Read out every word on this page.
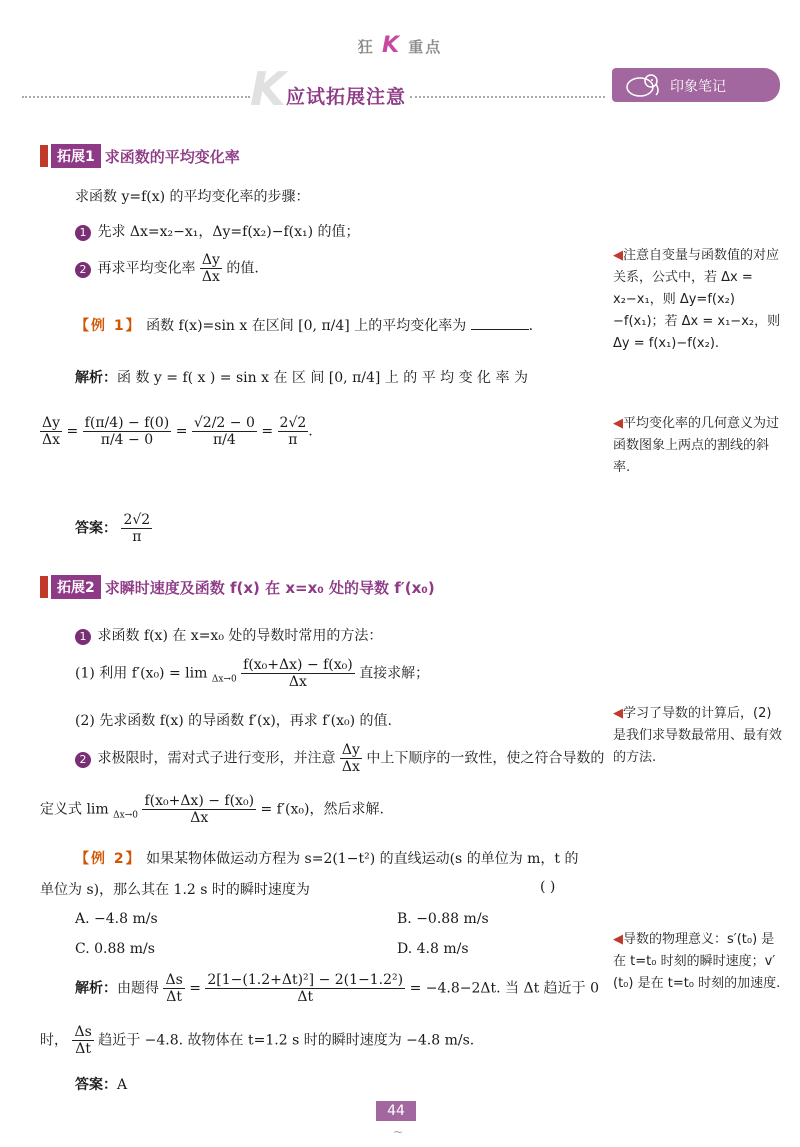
狂 K 重点
K 应试拓展注意	印象笔记
拓展1 求函数的平均变化率
求函数 y=f(x) 的平均变化率的步骤：
1 先求 Δx=x₂−x₁，Δy=f(x₂)−f(x₁) 的值；
2 再求平均变化率 $\frac{\Delta y}{\Delta x}$ 的值.
【例 1】 函数 f(x)=sin x 在区间 [0, π/4] 上的平均变化率为	.
解析：函 数 y = f( x ) = sin x 在 区 间 [0, π/4] 上 的 平 均 变 化 率 为
$\frac{\Delta y}{\Delta x} = \frac{f(\pi/4) - f(0)}{\pi/4 - 0} = \frac{√2/2 - 0}{\pi/4} = \frac{2√2}{\pi}$ .
答案： $\frac{2√2}{\pi}$
拓展2 求瞬时速度及函数 f(x) 在 x=x₀ 处的导数 f′(x₀)
1 求函数 f(x) 在 x=x₀ 处的导数时常用的方法：
(1) 利用 $f'(x_0) = \lim _{\Delta x\to 0} \frac{\text{f(x₀+Δx) − f(x₀)}}{\Delta x}$ 直接求解；
(2) 先求函数 f(x) 的导函数 f′(x)，再求 f′(x₀) 的值.
2 求极限时，需对式子进行变形，并注意 $\frac{\Delta y}{\Delta x}$ 中上下顺序的一致性，使之符合导数的
定义式 $\lim _{\Delta x\to 0} \frac{\text{f(x₀+Δx) − f(x₀)}}{\Delta x} = f'(x_0)$，然后求解.
【例 2】 如果某物体做运动方程为 s=2(1−t²) 的直线运动(s 的单位为 m，t 的
单位为 s)，那么其在 1.2 s 时的瞬时速度为	( )
A. −4.8 m/s	B. −0.88 m/s
C. 0.88 m/s	D. 4.8 m/s
解析：由题得 $\frac{\Delta s}{\Delta t} = \frac{\text{2[1−(1.2+Δt)²] − 2(1−1.2²)}}{\Delta t} = -4.8-2\Delta t$. 当 Δt 趋近于 0
时， $\frac{\Delta s}{\Delta t}$ 趋近于 −4.8. 故物体在 t=1.2 s 时的瞬时速度为 −4.8 m/s.
答案：A
◀注意自变量与函数值的对应关系，公式中，若 Δx = x₂−x₁，则 Δy=f(x₂)−f(x₁)；若 Δx = x₁−x₂，则 Δy = f(x₁)−f(x₂).
◀平均变化率的几何意义为过函数图象上两点的割线的斜率.
◀学习了导数的计算后，(2) 是我们求导数最常用、最有效的方法.
◀导数的物理意义：s′(t₀) 是在 t=t₀ 时刻的瞬时速度；v′(t₀) 是在 t=t₀ 时刻的加速度.
44
~
